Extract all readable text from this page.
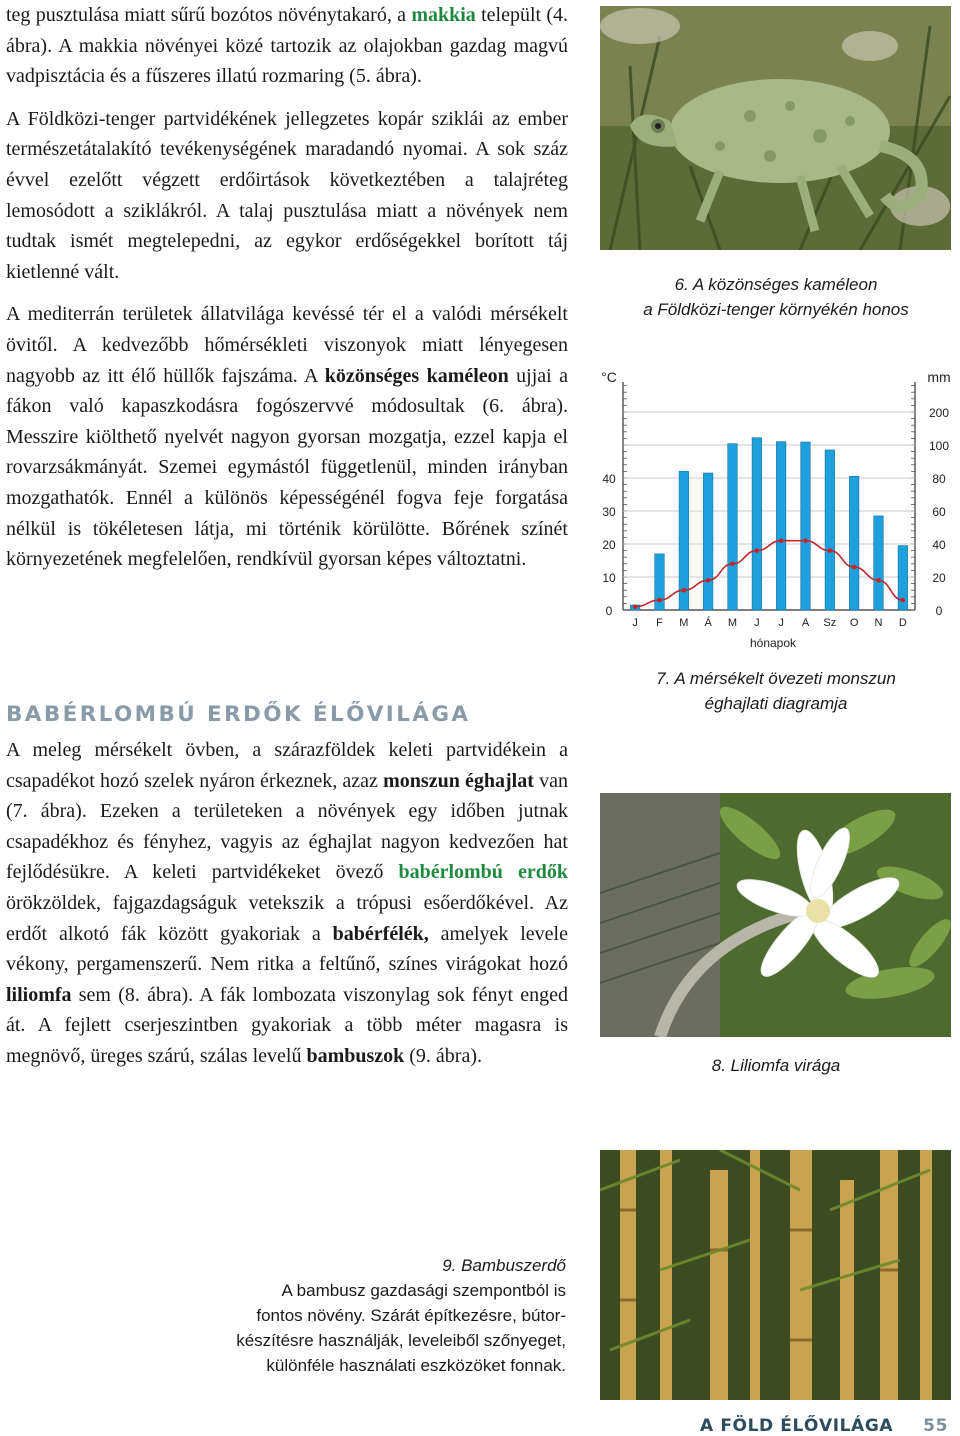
teg pusztulása miatt sűrű bozótos növénytakaró, a makkia települt (4. ábra). A makkia növényei közé tartozik az olajokban gazdag magvú vadpisztácia és a fűszeres illatú rozmaring (5. ábra).

A Földközi-tenger partvidékének jellegzetes kopár sziklái az ember természetátalakító tevékenységének maradandó nyomai. A sok száz évvel ezelőtt végzett erdőirtások következtében a talajréteg lemosódott a sziklákról. A talaj pusztulása miatt a növények nem tudtak ismét megtelepedni, az egykor erdőségekkel borított táj kietlenné vált.

A mediterrán területek állatvilága kevéssé tér el a valódi mérsékelt övitől. A kedvezőbb hőmérsékleti viszonyok miatt lényegesen nagyobb az itt élő hüllők fajszáma. A közönséges kaméleon ujjai a fákon való kapaszkodásra fogószervvé módosultak (6. ábra). Messzire kiölthető nyelvét nagyon gyorsan mozgatja, ezzel kapja el rovarzsákmányát. Szemei egymástól függetlenül, minden irányban mozgathatók. Ennél a különös képességénél fogva feje forgatása nélkül is tökéletesen látja, mi történik körülötte. Bőrének színét környezetének megfelelően, rendkívül gyorsan képes változtatni.

BABÉRLOMBÚ ERDŐK ÉLŐVILÁGA

A meleg mérsékelt övben, a szárazföldek keleti partvidékein a csapadékot hozó szelek nyáron érkeznek, azaz monszun éghajlat van (7. ábra). Ezeken a területeken a növények egy időben jutnak csapadékhoz és fényhez, vagyis az éghajlat nagyon kedvezően hat fejlődésükre. A keleti partvidékeket övező babérlombú erdők örökzöldek, fajgazdagságuk vetekszik a trópusi esőerdőkével. Az erdőt alkotó fák között gyakoriak a babérfélék, amelyek levele vékony, pergamenszerű. Nem ritka a feltűnő, színes virágokat hozó liliomfa sem (8. ábra). A fák lombozata viszonylag sok fényt enged át. A fejlett cserjeszintben gyakoriak a több méter magasra is megnövő, üreges szárú, szálas levelű bambuszok (9. ábra).

6. A közönséges kaméleon
a Földközi-tenger környékén honos
0
20
40
60
80
100
200
0
10
20
30
40
°C	mm
J F M Á M J J A Sz O N D
hónapok
7. A mérsékelt övezeti monszun
éghajlati diagramja
8. Liliomfa virága
9. Bambuszerdő
A bambusz gazdasági szempontból is
fontos növény. Szárát építkezésre, bútor-
készítésre használják, leveleiből szőnyeget,
különféle használati eszközöket fonnak.
A FÖLD ÉLŐVILÁGA 55
